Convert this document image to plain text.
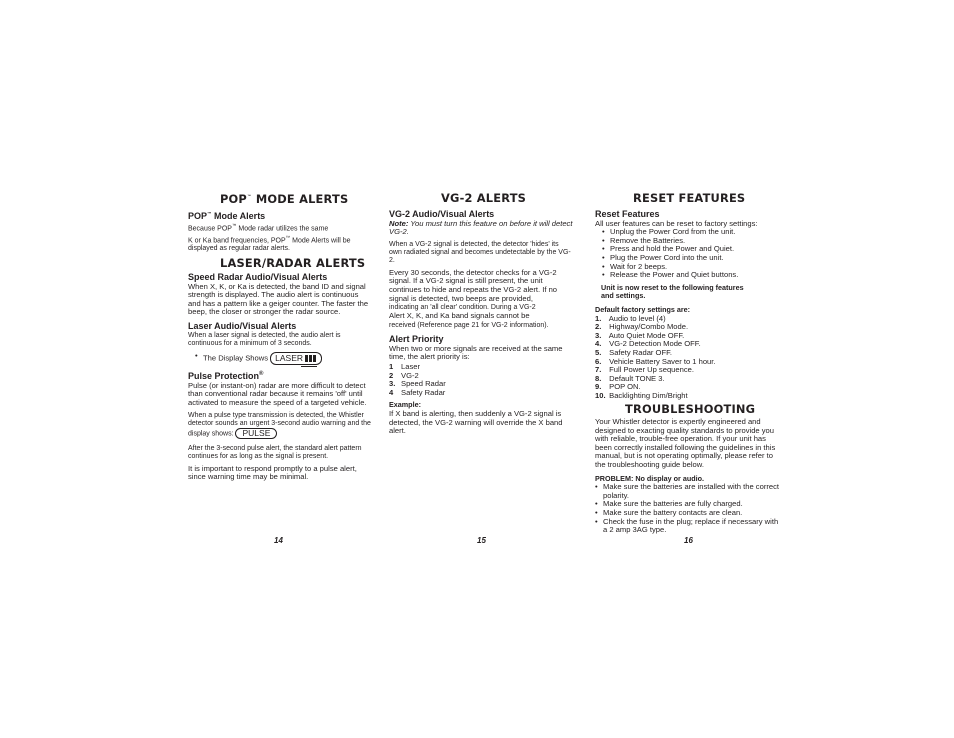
POP™ MODE ALERTS
POP™ Mode Alerts

Because POP™ Mode radar utilizes the same
K or Ka band frequencies, POP™ Mode Alerts will be displayed as regular radar alerts.

LASER/RADAR ALERTS
Speed Radar Audio/Visual Alerts

When X, K, or Ka is detected, the band ID and signal strength is displayed. The audio alert is continuous and has a pattern like a geiger counter. The faster the beep, the closer or stronger the radar source.

Laser Audio/Visual Alerts

When a laser signal is detected, the audio alert is continuous for a minimum of 3 seconds.

• The Display Shows LASER
Pulse Protection®

Pulse (or instant-on) radar are more difficult to detect than conventional radar because it remains 'off' until activated to measure the speed of a targeted vehicle.

When a pulse type transmission is detected, the Whistler detector sounds an urgent 3-second audio warning and the display shows: PULSE

After the 3-second pulse alert, the standard alert pattern continues for as long as the signal is present.

It is important to respond promptly to a pulse alert, since warning time may be minimal.

14
VG-2 ALERTS
VG-2 Audio/Visual Alerts

Note: You must turn this feature on before it will detect VG-2.

When a VG-2 signal is detected, the detector 'hides' its own radiated signal and becomes undetectable by the VG-2.

Every 30 seconds, the detector checks for a VG-2 signal. If a VG-2 signal is still present, the unit continues to hide and repeats the VG-2 alert. If no signal is detected, two beeps are provided,
indicating an 'all clear' condition. During a VG-2
Alert X, K, and Ka band signals cannot be
received (Reference page 21 for VG-2 information).

Alert Priority

When two or more signals are received at the same time, the alert priority is:

1 Laser
2 VG-2
3. Speed Radar
4 Safety Radar
Example:

If X band is alerting, then suddenly a VG-2 signal is detected, the VG-2 warning will override the X band alert.

15
RESET FEATURES
Reset Features

All user features can be reset to factory settings:

• Unplug the Power Cord from the unit.
• Remove the Batteries.
• Press and hold the Power and Quiet.
• Plug the Power Cord into the unit.
• Wait for 2 beeps.
• Release the Power and Quiet buttons.
Unit is now reset to the following features
and settings.
Default factory settings are:
1. Audio to level (4)
2. Highway/Combo Mode.
3. Auto Quiet Mode OFF.
4. VG-2 Detection Mode OFF.
5. Safety Radar OFF.
6. Vehicle Battery Saver to 1 hour.
7. Full Power Up sequence.
8. Default TONE 3.
9. POP ON.
10. Backlighting Dim/Bright
TROUBLESHOOTING

Your Whistler detector is expertly engineered and designed to exacting quality standards to provide you with reliable, trouble-free operation. If your unit has been correctly installed following the guidelines in this manual, but is not operating optimally, please refer to the troubleshooting guide below.

PROBLEM: No display or audio.
• Make sure the batteries are installed with the correct polarity.
• Make sure the batteries are fully charged.
• Make sure the battery contacts are clean.
• Check the fuse in the plug; replace if necessary with a 2 amp 3AG type.
16
